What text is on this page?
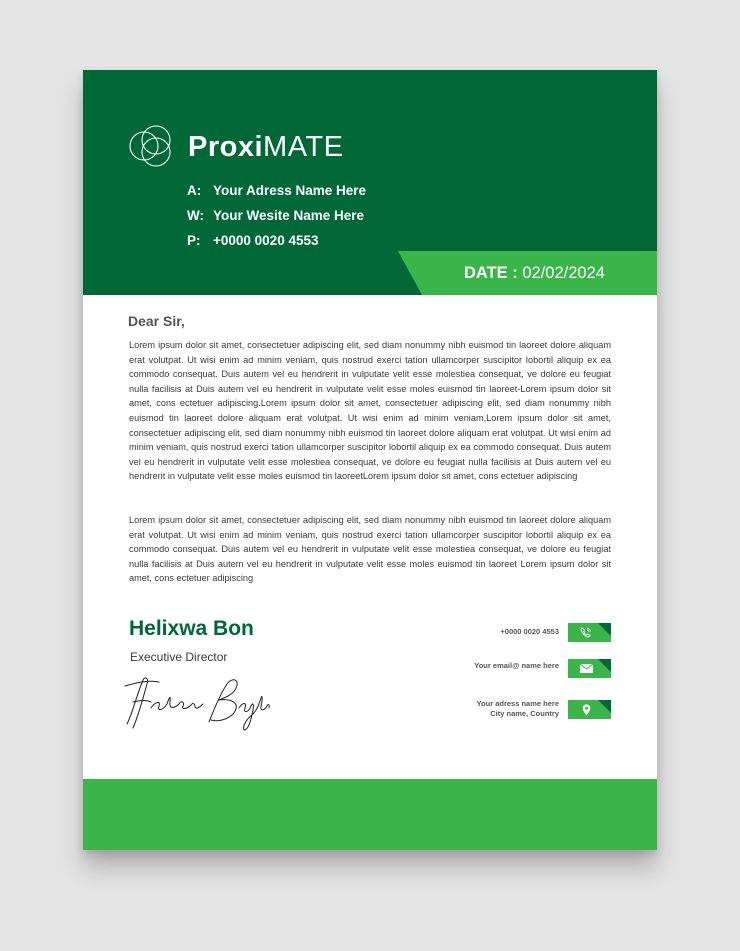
ProxiMATE
A: Your Adress Name Here
W: Your Wesite Name Here
P: +0000 0020 4553
DATE : 02/02/2024
Dear Sir,

Lorem ipsum dolor sit amet, consectetuer adipiscing elit, sed diam nonummy nibh euismod tin laoreet dolore aliquam erat volutpat. Ut wisi enim ad minim veniam, quis nostrud exerci tation ullamcorper suscipitor lobortil aliquip ex ea commodo consequat. Duis autem vel eu hendrerit in vulputate velit esse molestiea consequat, ve dolore eu feugiat nulla facilisis at Duis autem vel eu hendrerit in vulputate velit esse moles euismod tin laoreet-Lorem ipsum dolor sit amet, cons ectetuer adipiscing.Lorem ipsum dolor sit amet, consectetuer adipiscing elit, sed diam nonummy nibh euismod tin laoreet dolore aliquam erat volutpat. Ut wisi enim ad minim veniam,Lorem ipsum dolor sit amet, consectetuer adipiscing elit, sed diam nonummy nibh euismod tin laoreet dolore aliquam erat volutpat. Ut wisi enim ad minim veniam, quis nostrud exerci tation ullamcorper suscipitor lobortil aliquip ex ea commodo consequat. Duis autem vel eu hendrerit in vulputate velit esse molestiea consequat, ve dolore eu feugiat nulla facilisis at Duis autem vel eu hendrerit in vulputate velit esse moles euismod tin laoreetLorem ipsum dolor sit amet, cons ectetuer adipiscing

Lorem ipsum dolor sit amet, consectetuer adipiscing elit, sed diam nonummy nibh euismod tin laoreet dolore aliquam erat volutpat. Ut wisi enim ad minim veniam, quis nostrud exerci tation ullamcorper suscipitor lobortil aliquip ex ea commodo consequat. Duis autem vel eu hendrerit in vulputate velit esse molestiea consequat, ve dolore eu feugiat nulla facilisis at Duis autem vel eu hendrerit in vulputate velit esse moles euismod tin laoreet Lorem ipsum dolor sit amet, cons ectetuer adipiscing

Helixwa Bon
Executive Director
+0000 0020 4553
Your email@ name here
Your adress name here
City name, Country
